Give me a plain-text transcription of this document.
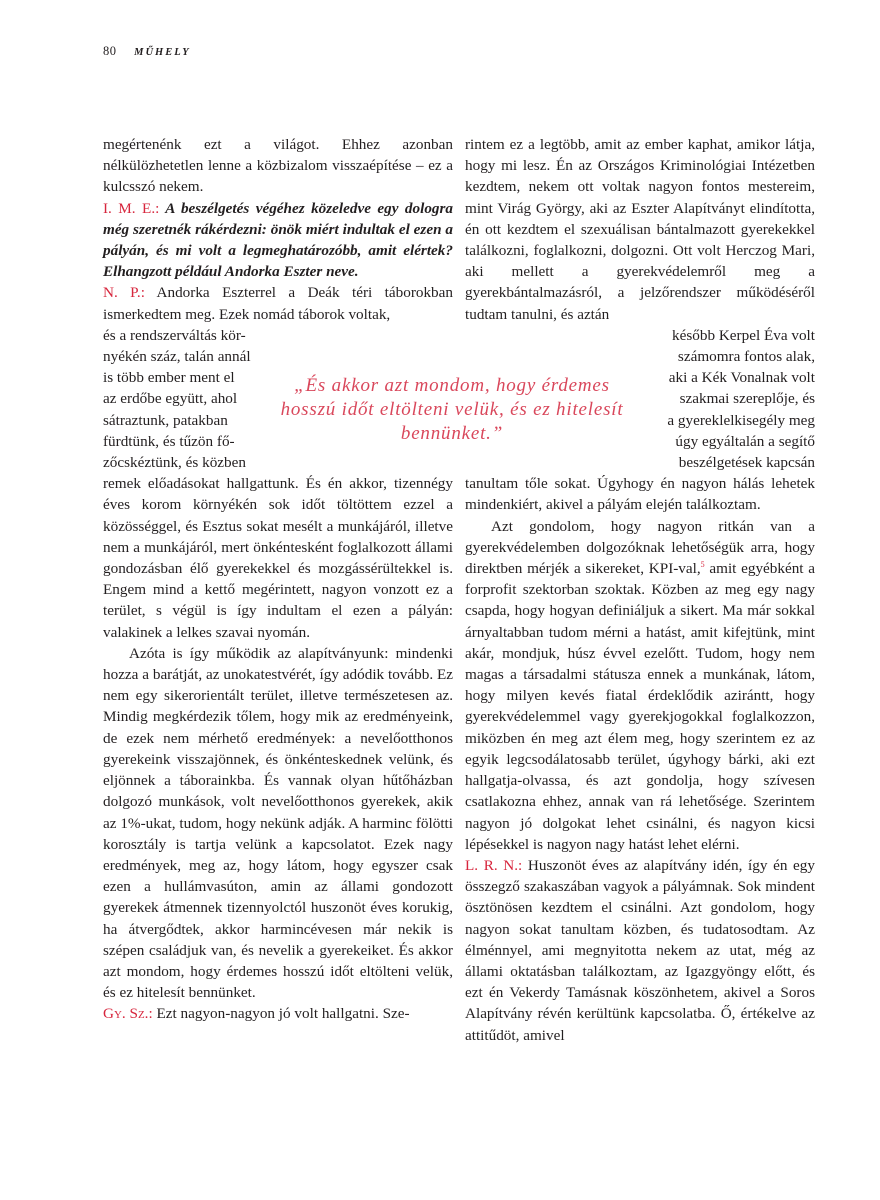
80 MŰHELY

megértenénk ezt a világot. Ehhez azonban nélkülözhetetlen lenne a közbizalom visszaépítése – ez a kulcsszó nekem.

I. M. E.: A beszélgetés végéhez közeledve egy dologra még szeretnék rákérdezni: önök miért indultak el ezen a pályán, és mi volt a legmeghatározóbb, amit elértek? Elhangzott például Andorka Eszter neve.

N. P.: Andorka Eszterrel a Deák téri táborokban ismerkedtem meg. Ezek nomád táborok voltak,

és a rendszerváltás kör-
nyékén száz, talán annál
is több ember ment el
az erdőbe együtt, ahol
sátraztunk, patakban
fürdtünk, és tűzön fő-
zőcskéztünk, és közben

remek előadásokat hallgattunk. És én akkor, tizennégy éves korom környékén sok időt töltöttem ezzel a közösséggel, és Esztus sokat mesélt a munkájáról, illetve nem a munkájáról, mert önkéntesként foglalkozott állami gondozásban élő gyerekekkel és mozgássérültekkel is. Engem mind a kettő megérintett, nagyon vonzott ez a terület, s végül is így indultam el ezen a pályán: valakinek a lelkes szavai nyomán.

Azóta is így működik az alapítványunk: mindenki hozza a barátját, az unokatestvérét, így adódik tovább. Ez nem egy sikerorientált terület, illetve természetesen az. Mindig megkérdezik tőlem, hogy mik az eredményeink, de ezek nem mérhető eredmények: a nevelőotthonos gyerekeink visszajönnek, és önkénteskednek velünk, és eljönnek a táborainkba. És vannak olyan hűtőházban dolgozó munkások, volt nevelőotthonos gyerekek, akik az 1%-ukat, tudom, hogy nekünk adják. A harminc fölötti korosztály is tartja velünk a kapcsolatot. Ezek nagy eredmények, meg az, hogy látom, hogy egyszer csak ezen a hullámvasúton, amin az állami gondozott gyerekek átmennek tizennyolctól huszonöt éves korukig, ha átvergődtek, akkor harmincévesen már nekik is szépen családjuk van, és nevelik a gyerekeiket. És akkor azt mondom, hogy érdemes hosszú időt eltölteni velük, és ez hitelesít bennünket.

Gy. Sz.: Ezt nagyon-nagyon jó volt hallgatni. Sze-

„És akkor azt mondom, hogy érdemes hosszú időt eltölteni velük, és ez hitelesít bennünket.”

rintem ez a legtöbb, amit az ember kaphat, amikor látja, hogy mi lesz. Én az Országos Kriminológiai Intézetben kezdtem, nekem ott voltak nagyon fontos mestereim, mint Virág György, aki az Eszter Alapítványt elindította, én ott kezdtem el szexuálisan bántalmazott gyerekekkel találkozni, foglalkozni, dolgozni. Ott volt Herczog Mari, aki mellett a gyerekvédelemről meg a gyerekbántalmazásról, a jelzőrendszer működéséről tudtam tanulni, és aztán

később Kerpel Éva volt
számomra fontos alak,
aki a Kék Vonalnak volt
szakmai szereplője, és
a gyereklelkisegély meg
úgy egyáltalán a segítő
beszélgetések kapcsán

tanultam tőle sokat. Úgyhogy én nagyon hálás lehetek mindenkiért, akivel a pályám elején találkoztam.

Azt gondolom, hogy nagyon ritkán van a gyerekvédelemben dolgozóknak lehetőségük arra, hogy direktben mérjék a sikereket, KPI-val,$^5$ amit egyébként a forprofit szektorban szoktak. Közben az meg egy nagy csapda, hogy hogyan definiáljuk a sikert. Ma már sokkal árnyaltabban tudom mérni a hatást, amit kifejtünk, mint akár, mondjuk, húsz évvel ezelőtt. Tudom, hogy nem magas a társadalmi státusza ennek a munkának, látom, hogy milyen kevés fiatal érdeklődik azirántt, hogy gyerekvédelemmel vagy gyerekjogokkal foglalkozzon, miközben én meg azt élem meg, hogy szerintem ez az egyik legcsodálatosabb terület, úgyhogy bárki, aki ezt hallgatja-olvassa, és azt gondolja, hogy szívesen csatlakozna ehhez, annak van rá lehetősége. Szerintem nagyon jó dolgokat lehet csinálni, és nagyon kicsi lépésekkel is nagyon nagy hatást lehet elérni.

L. R. N.: Huszonöt éves az alapítvány idén, így én egy összegző szakaszában vagyok a pályámnak. Sok mindent ösztönösen kezdtem el csinálni. Azt gondolom, hogy nagyon sokat tanultam közben, és tudatosodtam. Az élménnyel, ami megnyitotta nekem az utat, még az állami oktatásban találkoztam, az Igazgyöngy előtt, és ezt én Vekerdy Tamásnak köszönhetem, akivel a Soros Alapítvány révén kerültünk kapcsolatba. Ő, értékelve az attitűdöt, amivel
